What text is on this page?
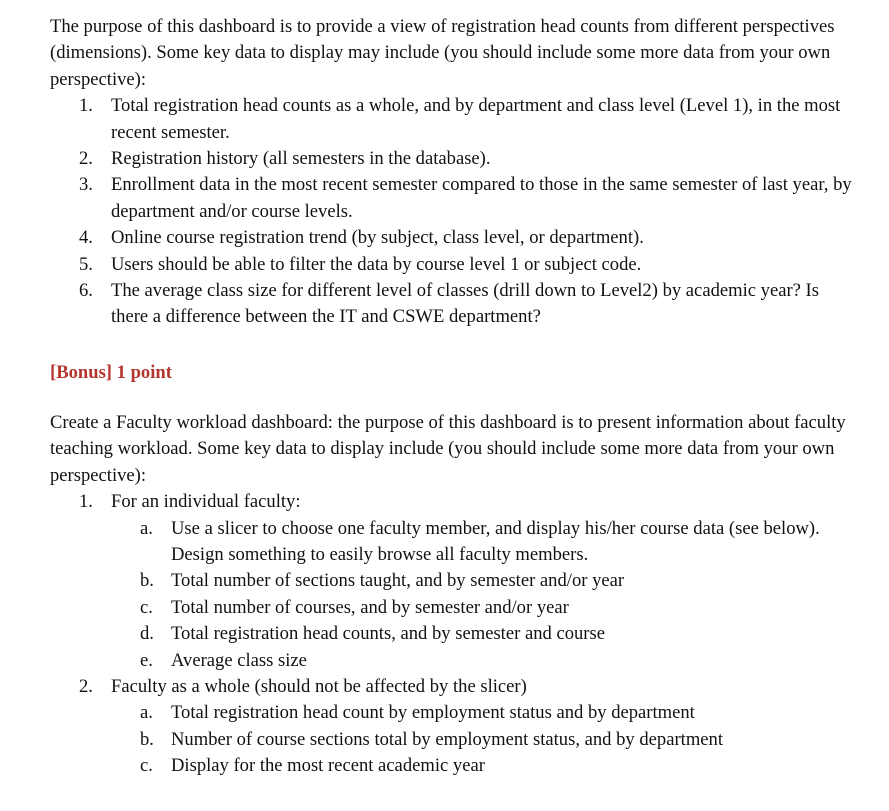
The purpose of this dashboard is to provide a view of registration head counts from different perspectives (dimensions). Some key data to display may include (you should include some more data from your own perspective):

1. Total registration head counts as a whole, and by department and class level (Level 1), in the most recent semester.
2. Registration history (all semesters in the database).
3. Enrollment data in the most recent semester compared to those in the same semester of last year, by department and/or course levels.
4. Online course registration trend (by subject, class level, or department).
5. Users should be able to filter the data by course level 1 or subject code.
6. The average class size for different level of classes (drill down to Level2) by academic year? Is there a difference between the IT and CSWE department?

[Bonus] 1 point

Create a Faculty workload dashboard: the purpose of this dashboard is to present information about faculty teaching workload. Some key data to display include (you should include some more data from your own perspective):

1. For an individual faculty:
a. Use a slicer to choose one faculty member, and display his/her course data (see below). Design something to easily browse all faculty members.
b. Total number of sections taught, and by semester and/or year
c. Total number of courses, and by semester and/or year
d. Total registration head counts, and by semester and course
e. Average class size
2. Faculty as a whole (should not be affected by the slicer)
a. Total registration head count by employment status and by department
b. Number of course sections total by employment status, and by department
c. Display for the most recent academic year
